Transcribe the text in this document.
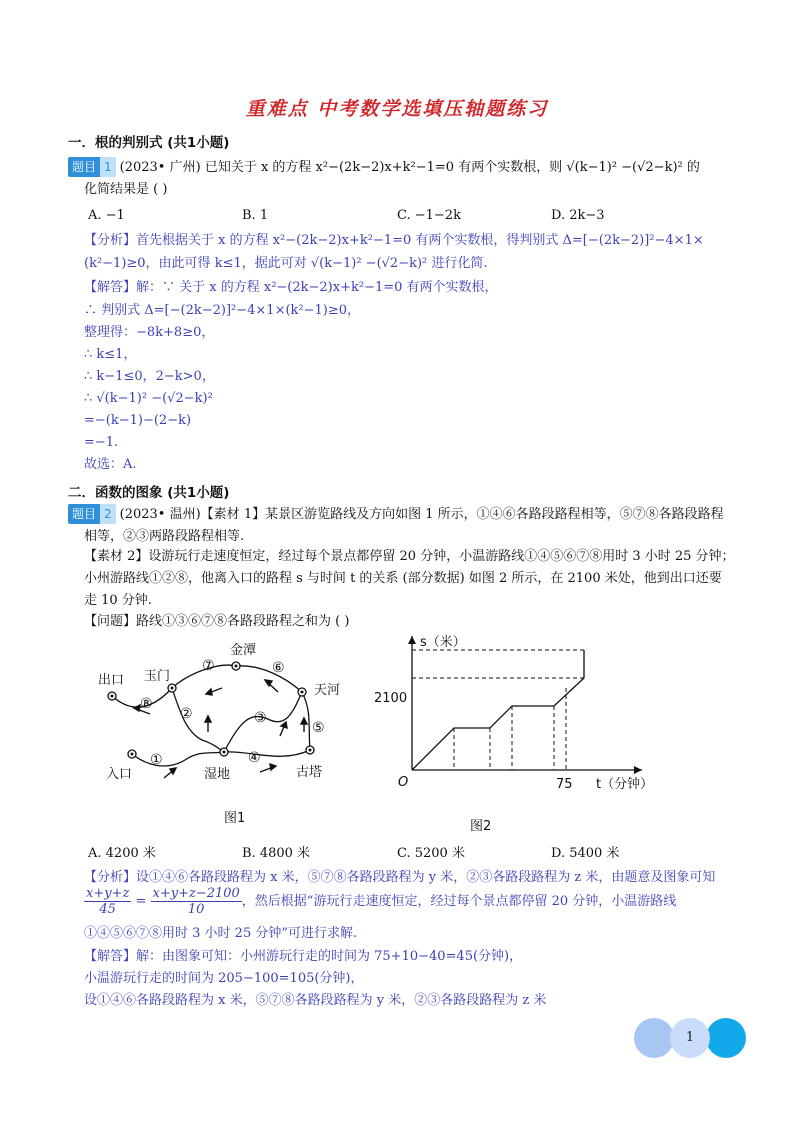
重难点 中考数学选填压轴题练习
一．根的判别式 (共1小题)
题目 1 (2023• 广州) 已知关于 x 的方程 x²−(2k−2)x+k²−1=0 有两个实数根，则 √(k−1)² −(√2−k)² 的
化简结果是 ( )
A. −1	B. 1	C. −1−2k	D. 2k−3
【分析】首先根据关于 x 的方程 x²−(2k−2)x+k²−1=0 有两个实数根，得判别式 Δ=[−(2k−2)]²−4×1×
(k²−1)≥0，由此可得 k≤1，据此可对 √(k−1)² −(√2−k)² 进行化简.
【解答】解：∵ 关于 x 的方程 x²−(2k−2)x+k²−1=0 有两个实数根，
∴ 判别式 Δ=[−(2k−2)]²−4×1×(k²−1)≥0，
整理得：−8k+8≥0，
∴ k≤1，
∴ k−1≤0，2−k>0，
∴ √(k−1)² −(√2−k)²
=−(k−1)−(2−k)
=−1.
故选：A.
二．函数的图象 (共1小题)
题目 2 (2023• 温州)【素材 1】某景区游览路线及方向如图 1 所示，①④⑥各路段路程相等，⑤⑦⑧各路段路程
相等，②③两路段路程相等.
【素材 2】设游玩行走速度恒定，经过每个景点都停留 20 分钟，小温游路线①④⑤⑥⑦⑧用时 3 小时 25 分钟；
小州游路线①②⑧，他离入口的路程 s 与时间 t 的关系 (部分数据) 如图 2 所示，在 2100 米处，他到出口还要
走 10 分钟.
【问题】路线①③⑥⑦⑧各路段路程之和为 ( )
出口 玉门
金潭
天河
入口	湿地	古塔
⑧
⑦	⑥
②	③
⑤
①	④
图1
s（米）
t（分钟）
O
2100
75
图2
A. 4200 米	B. 4800 米	C. 5200 米	D. 5400 米
【分析】设①④⑥各路段路程为 x 米，⑤⑦⑧各路段路程为 y 米，②③各路段路程为 z 米，由题意及图象可知
$\frac{x+y+z}{45} = \frac{x+y+z-2100}{10}$ ，然后根据“游玩行走速度恒定，经过每个景点都停留 20 分钟，小温游路线
①④⑤⑥⑦⑧用时 3 小时 25 分钟”可进行求解.
【解答】解：由图象可知：小州游玩行走的时间为 75+10−40=45(分钟)，
小温游玩行走的时间为 205−100=105(分钟)，
设①④⑥各路段路程为 x 米，⑤⑦⑧各路段路程为 y 米，②③各路段路程为 z 米
1
